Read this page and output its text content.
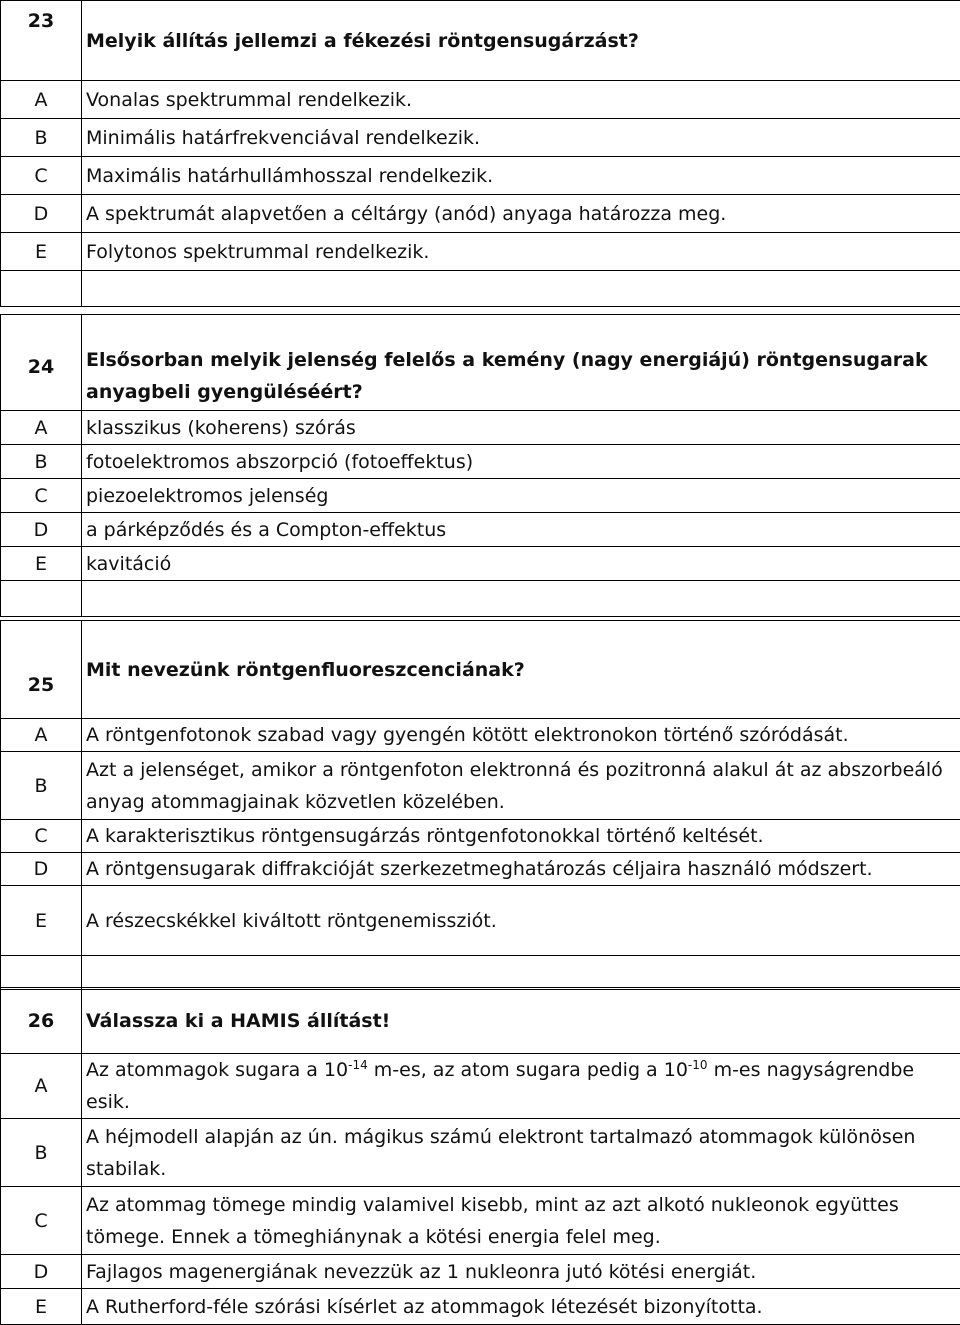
23	Melyik állítás jellemzi a fékezési röntgensugárzást?
A	Vonalas spektrummal rendelkezik.
B	Minimális határfrekvenciával rendelkezik.
C	Maximális határhullámhosszal rendelkezik.
D	A spektrumát alapvetően a céltárgy (anód) anyaga határozza meg.
E	Folytonos spektrummal rendelkezik.

24	Elsősorban melyik jelenség felelős a kemény (nagy energiájú) röntgensugarak anyagbeli gyengüléséért?
A	klasszikus (koherens) szórás
B	fotoelektromos abszorpció (fotoeffektus)
C	piezoelektromos jelenség
D	a párképződés és a Compton-effektus
E	kavitáció

25	Mit nevezünk röntgenfluoreszcenciának?
A	A röntgenfotonok szabad vagy gyengén kötött elektronokon történő szóródását.
B	Azt a jelenséget, amikor a röntgenfoton elektronná és pozitronná alakul át az abszorbeáló anyag atommagjainak közvetlen közelében.
C	A karakterisztikus röntgensugárzás röntgenfotonokkal történő keltését.
D	A röntgensugarak diffrakcióját szerkezetmeghatározás céljaira használó módszert.
E	A részecskékkel kiváltott röntgenemissziót.

26	Válassza ki a HAMIS állítást!
A	Az atommagok sugara a $10^{-14}$ m-es, az atom sugara pedig a $10^{-10}$ m-es nagyságrendbe esik.
B	A héjmodell alapján az ún. mágikus számú elektront tartalmazó atommagok különösen stabilak.
C	Az atommag tömege mindig valamivel kisebb, mint az azt alkotó nukleonok együttes tömege. Ennek a tömeghiánynak a kötési energia felel meg.
D	Fajlagos magenergiának nevezzük az 1 nukleonra jutó kötési energiát.
E	A Rutherford-féle szórási kísérlet az atommagok létezését bizonyította.
